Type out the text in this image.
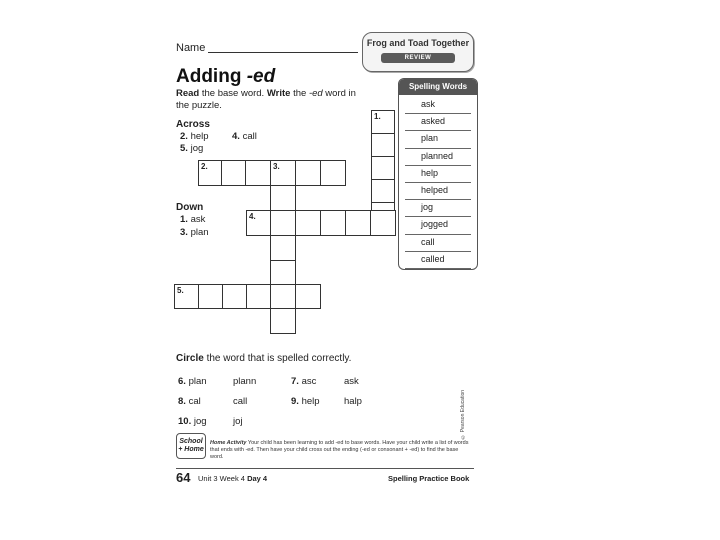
Name	Frog and Toad Together
REVIEW
Adding -ed
Read the base word. Write the -ed word in the puzzle.
Across
2. help 4. call
5. jog
Down
1. ask
3. plan
1.
2.	3.
4.
5.
Spelling Words
ask
asked
plan
planned
help
helped
jog
jogged
call
called
Circle the word that is spelled correctly.
6. plan	plann	7. asc	ask
8. cal	call	9. help	halp
10. jog	joj	© Pearson Education
School + Home
Home Activity Your child has been learning to add -ed to base words. Have your child write a list of words that ends with -ed. Then have your child cross out the ending (-ed or consonant + -ed) to find the base word.
64 Unit 3 Week 4 Day 4	Spelling Practice Book
